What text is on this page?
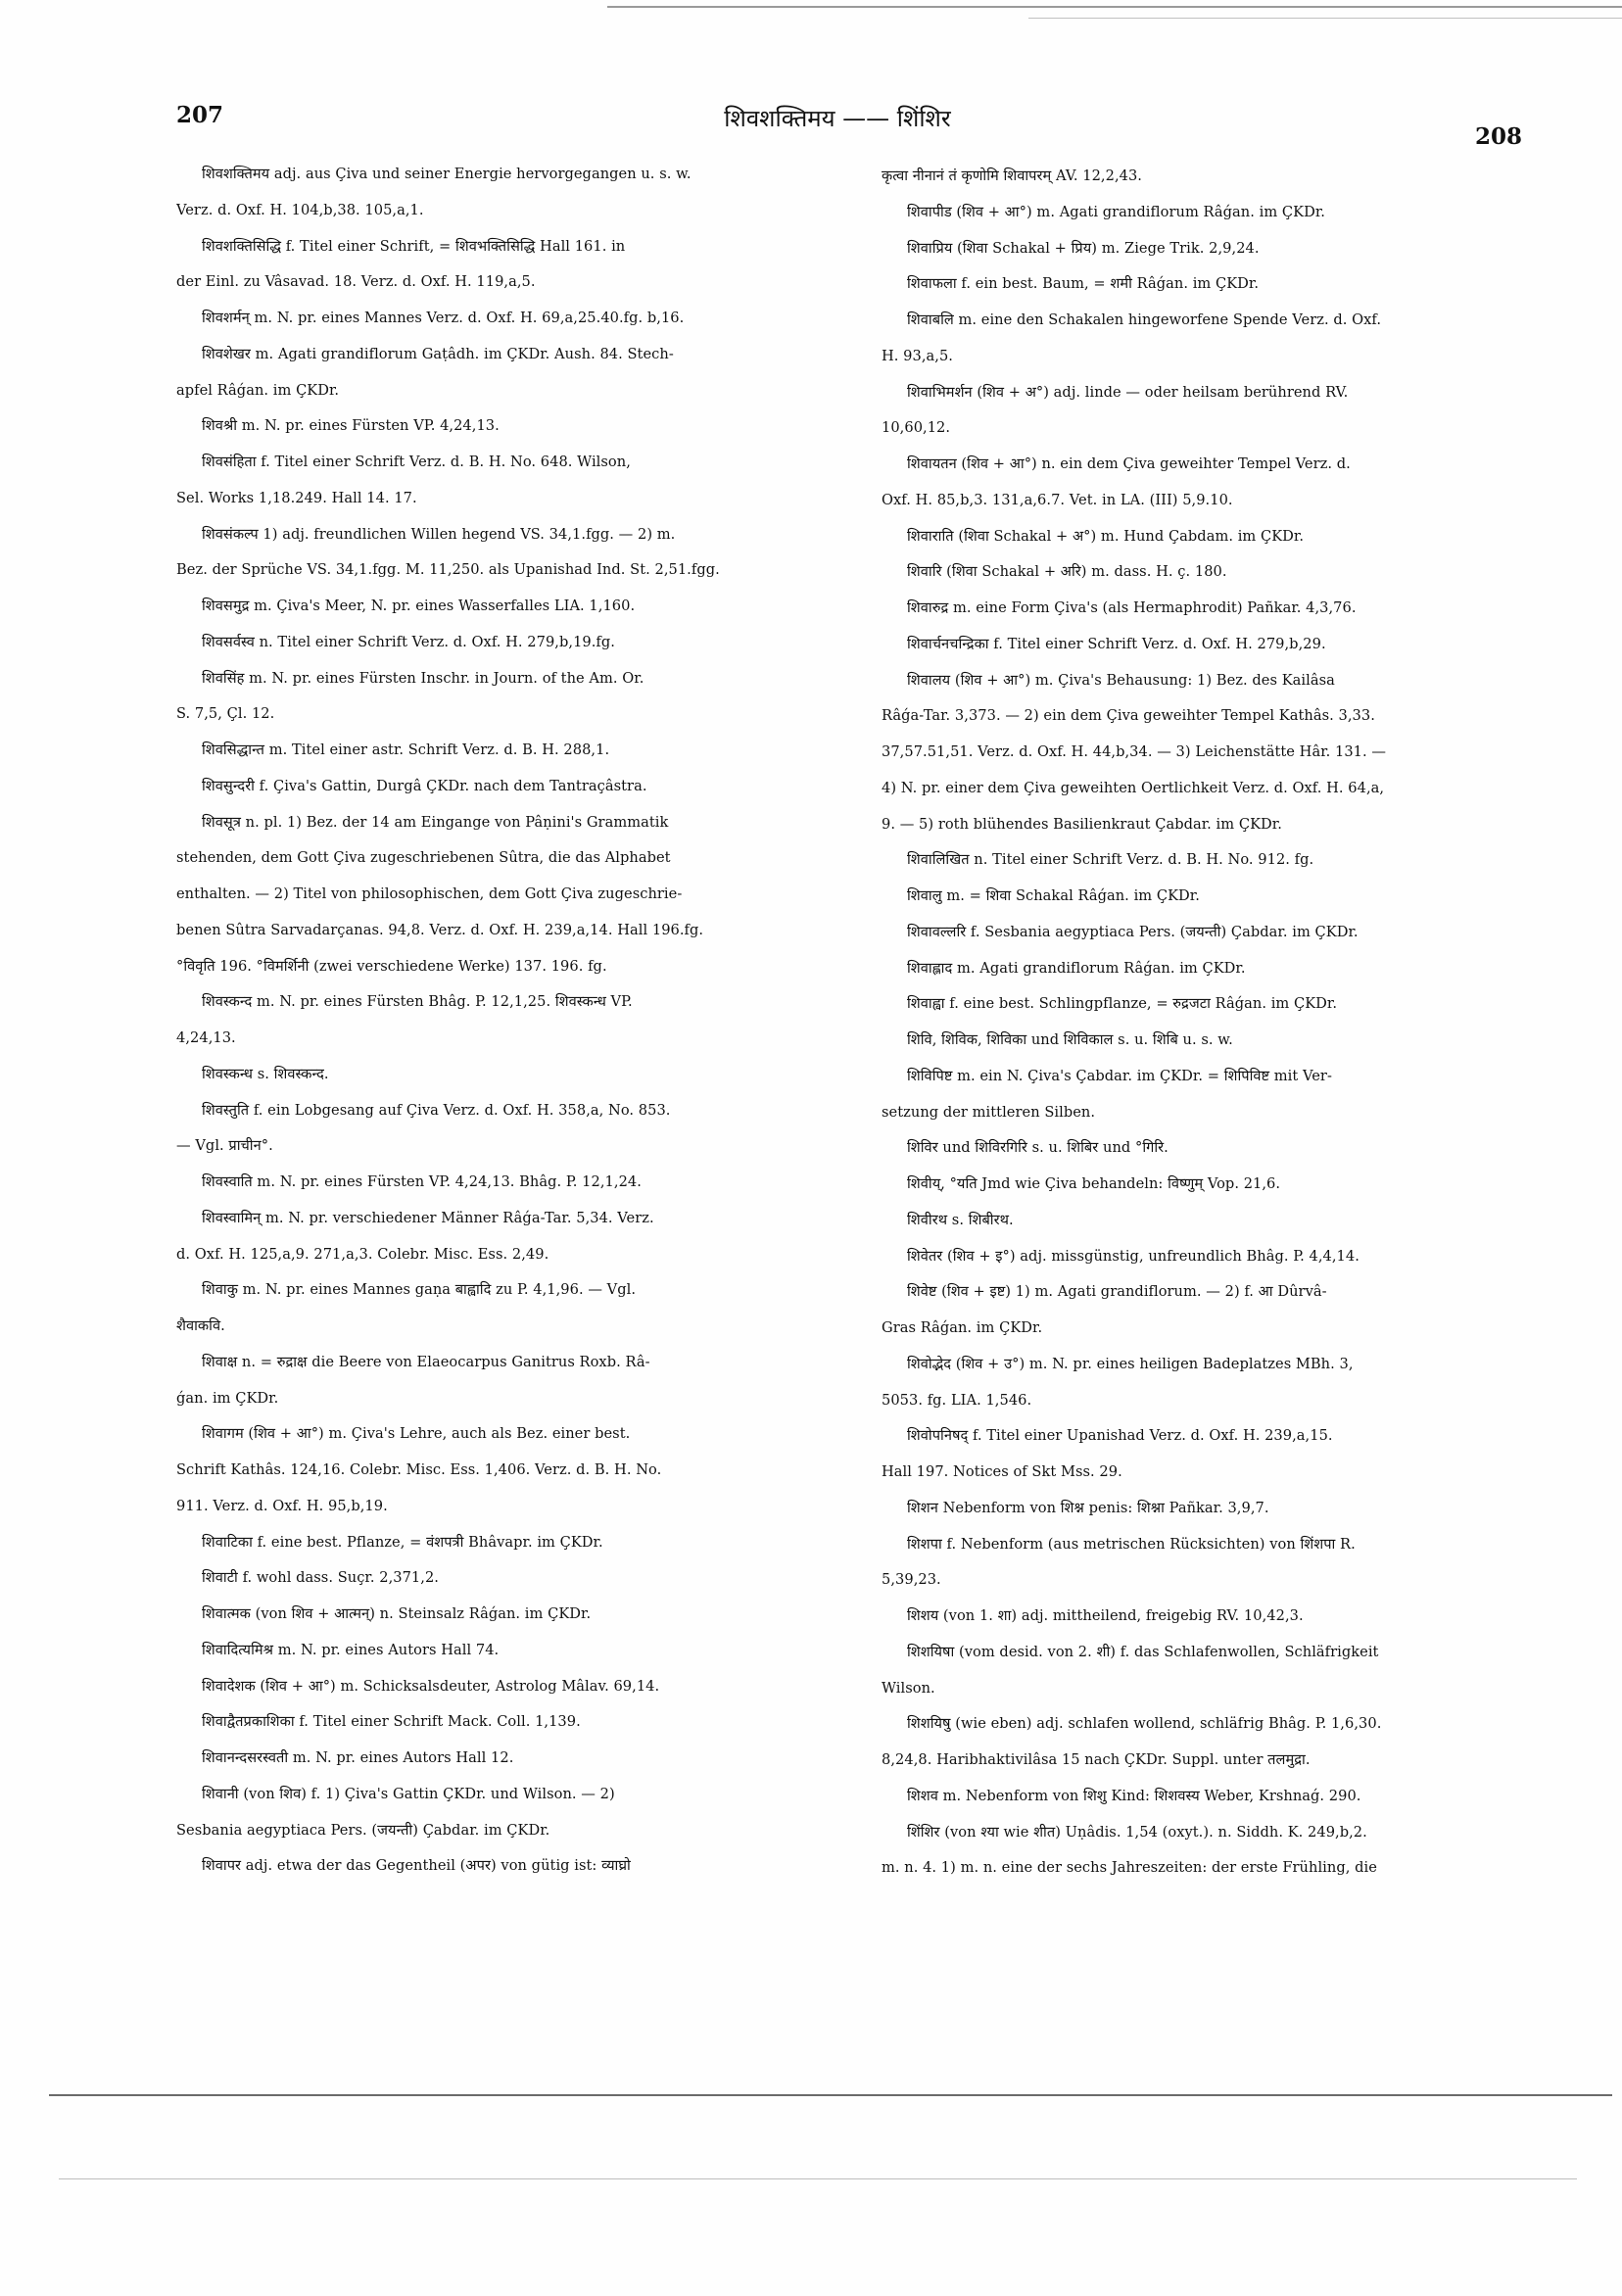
207	शिवशक्तिमय —— शिंशिर
208
शिवशक्तिमय adj. aus Çiva und seiner Energie hervorgegangen u. s. w.
Verz. d. Oxf. H. 104,b,38. 105,a,1.
शिवशक्तिसिद्धि f. Titel einer Schrift, = शिवभक्तिसिद्धि Hall 161. in
der Einl. zu Vâsavad. 18. Verz. d. Oxf. H. 119,a,5.
शिवशर्मन् m. N. pr. eines Mannes Verz. d. Oxf. H. 69,a,25.40.fg. b,16.
शिवशेखर m. Agati grandiflorum Gaṭâdh. im ÇKDr. Aush. 84. Stech-
apfel Râǵan. im ÇKDr.
शिवश्री m. N. pr. eines Fürsten VP. 4,24,13.
शिवसंहिता f. Titel einer Schrift Verz. d. B. H. No. 648. Wilson,
Sel. Works 1,18.249. Hall 14. 17.
शिवसंकल्प 1) adj. freundlichen Willen hegend VS. 34,1.fgg. — 2) m.
Bez. der Sprüche VS. 34,1.fgg. M. 11,250. als Upanishad Ind. St. 2,51.fgg.
शिवसमुद्र m. Çiva's Meer, N. pr. eines Wasserfalles LIA. 1,160.
शिवसर्वस्व n. Titel einer Schrift Verz. d. Oxf. H. 279,b,19.fg.
शिवसिंह m. N. pr. eines Fürsten Inschr. in Journ. of the Am. Or.
S. 7,5, Çl. 12.
शिवसिद्धान्त m. Titel einer astr. Schrift Verz. d. B. H. 288,1.
शिवसुन्दरी f. Çiva's Gattin, Durgâ ÇKDr. nach dem Tantraçâstra.
शिवसूत्र n. pl. 1) Bez. der 14 am Eingange von Pâṇini's Grammatik
stehenden, dem Gott Çiva zugeschriebenen Sûtra, die das Alphabet
enthalten. — 2) Titel von philosophischen, dem Gott Çiva zugeschrie-
benen Sûtra Sarvadarçanas. 94,8. Verz. d. Oxf. H. 239,a,14. Hall 196.fg.
°विवृति 196. °विमर्शिनी (zwei verschiedene Werke) 137. 196. fg.
शिवस्कन्द m. N. pr. eines Fürsten Bhâg. P. 12,1,25. शिवस्कन्ध VP.
4,24,13.
शिवस्कन्ध s. शिवस्कन्द.
शिवस्तुति f. ein Lobgesang auf Çiva Verz. d. Oxf. H. 358,a, No. 853.
— Vgl. प्राचीन°.
शिवस्वाति m. N. pr. eines Fürsten VP. 4,24,13. Bhâg. P. 12,1,24.
शिवस्वामिन् m. N. pr. verschiedener Männer Râǵa-Tar. 5,34. Verz.
d. Oxf. H. 125,a,9. 271,a,3. Colebr. Misc. Ess. 2,49.
शिवाकु m. N. pr. eines Mannes gaṇa बाह्वादि zu P. 4,1,96. — Vgl.
शैवाकवि.
शिवाक्ष n. = रुद्राक्ष die Beere von Elaeocarpus Ganitrus Roxb. Râ-
ǵan. im ÇKDr.
शिवागम (शिव + आ°) m. Çiva's Lehre, auch als Bez. einer best.
Schrift Kathâs. 124,16. Colebr. Misc. Ess. 1,406. Verz. d. B. H. No.
911. Verz. d. Oxf. H. 95,b,19.
शिवाटिका f. eine best. Pflanze, = वंशपत्री Bhâvapr. im ÇKDr.
शिवाटी f. wohl dass. Suçr. 2,371,2.
शिवात्मक (von शिव + आत्मन्) n. Steinsalz Râǵan. im ÇKDr.
शिवादित्यमिश्र m. N. pr. eines Autors Hall 74.
शिवादेशक (शिव + आ°) m. Schicksalsdeuter, Astrolog Mâlav. 69,14.
शिवाद्वैतप्रकाशिका f. Titel einer Schrift Mack. Coll. 1,139.
शिवानन्दसरस्वती m. N. pr. eines Autors Hall 12.
शिवानी (von शिव) f. 1) Çiva's Gattin ÇKDr. und Wilson. — 2)
Sesbania aegyptiaca Pers. (जयन्ती) Çabdar. im ÇKDr.
शिवापर adj. etwa der das Gegentheil (अपर) von gütig ist: व्याघ्रो
कृत्वा नीनानं तं कृणोमि शिवापरम् AV. 12,2,43.
शिवापीड (शिव + आ°) m. Agati grandiflorum Râǵan. im ÇKDr.
शिवाप्रिय (शिवा Schakal + प्रिय) m. Ziege Trik. 2,9,24.
शिवाफला f. ein best. Baum, = शमी Râǵan. im ÇKDr.
शिवाबलि m. eine den Schakalen hingeworfene Spende Verz. d. Oxf.
H. 93,a,5.
शिवाभिमर्शन (शिव + अ°) adj. linde — oder heilsam berührend RV.
10,60,12.
शिवायतन (शिव + आ°) n. ein dem Çiva geweihter Tempel Verz. d.
Oxf. H. 85,b,3. 131,a,6.7. Vet. in LA. (III) 5,9.10.
शिवाराति (शिवा Schakal + अ°) m. Hund Çabdam. im ÇKDr.
शिवारि (शिवा Schakal + अरि) m. dass. H. ç. 180.
शिवारुद्र m. eine Form Çiva's (als Hermaphrodit) Pañkar. 4,3,76.
शिवार्चनचन्द्रिका f. Titel einer Schrift Verz. d. Oxf. H. 279,b,29.
शिवालय (शिव + आ°) m. Çiva's Behausung: 1) Bez. des Kailâsa
Râǵa-Tar. 3,373. — 2) ein dem Çiva geweihter Tempel Kathâs. 3,33.
37,57.51,51. Verz. d. Oxf. H. 44,b,34. — 3) Leichenstätte Hâr. 131. —
4) N. pr. einer dem Çiva geweihten Oertlichkeit Verz. d. Oxf. H. 64,a,
9. — 5) roth blühendes Basilienkraut Çabdar. im ÇKDr.
शिवालिखित n. Titel einer Schrift Verz. d. B. H. No. 912. fg.
शिवालु m. = शिवा Schakal Râǵan. im ÇKDr.
शिवावल्लरि f. Sesbania aegyptiaca Pers. (जयन्ती) Çabdar. im ÇKDr.
शिवाह्लाद m. Agati grandiflorum Râǵan. im ÇKDr.
शिवाह्वा f. eine best. Schlingpflanze, = रुद्रजटा Râǵan. im ÇKDr.
शिवि, शिविक, शिविका und शिविकाल s. u. शिबि u. s. w.
शिविपिष्ट m. ein N. Çiva's Çabdar. im ÇKDr. = शिपिविष्ट mit Ver-
setzung der mittleren Silben.
शिविर und शिविरगिरि s. u. शिबिर und °गिरि.
शिवीय्, °यति Jmd wie Çiva behandeln: विष्णुम् Vop. 21,6.
शिवीरथ s. शिबीरथ.
शिवेतर (शिव + इ°) adj. missgünstig, unfreundlich Bhâg. P. 4,4,14.
शिवेष्ट (शिव + इष्ट) 1) m. Agati grandiflorum. — 2) f. आ Dûrvâ-
Gras Râǵan. im ÇKDr.
शिवोद्भेद (शिव + उ°) m. N. pr. eines heiligen Badeplatzes MBh. 3,
5053. fg. LIA. 1,546.
शिवोपनिषद् f. Titel einer Upanishad Verz. d. Oxf. H. 239,a,15.
Hall 197. Notices of Skt Mss. 29.
शिशन Nebenform von शिश्न penis: शिश्ना Pañkar. 3,9,7.
शिशपा f. Nebenform (aus metrischen Rücksichten) von शिंशपा R.
5,39,23.
शिशय (von 1. शा) adj. mittheilend, freigebig RV. 10,42,3.
शिशयिषा (vom desid. von 2. शी) f. das Schlafenwollen, Schläfrigkeit
Wilson.
शिशयिषु (wie eben) adj. schlafen wollend, schläfrig Bhâg. P. 1,6,30.
8,24,8. Haribhaktivilâsa 15 nach ÇKDr. Suppl. unter तलमुद्रा.
शिशव m. Nebenform von शिशु Kind: शिशवस्य Weber, Krshnaǵ. 290.
शिंशिर (von श्या wie शीत) Uṇâdis. 1,54 (oxyt.). n. Siddh. K. 249,b,2.
m. n. 4. 1) m. n. eine der sechs Jahreszeiten: der erste Frühling, die
